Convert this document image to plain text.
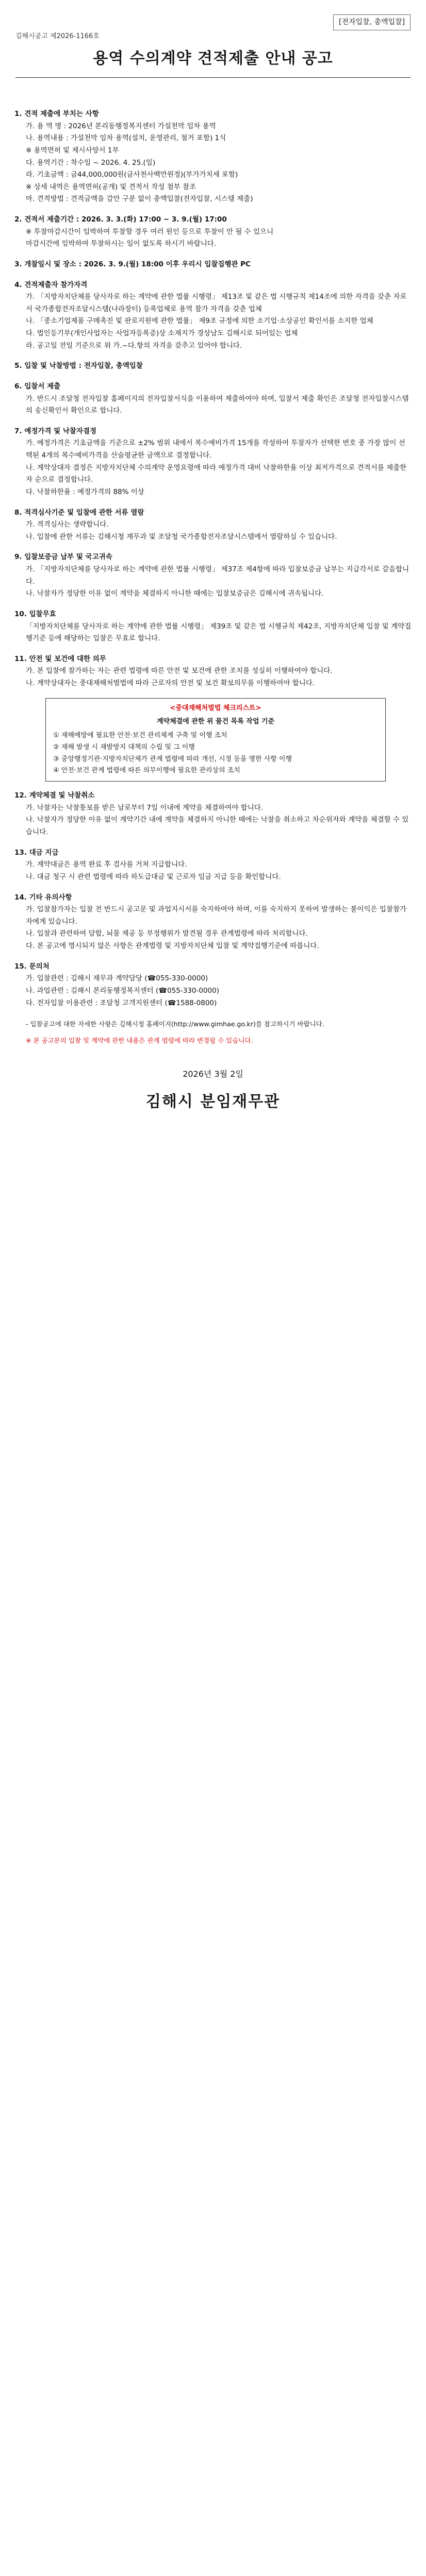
[전자입찰, 총액입찰]
김해시공고 제2026-1166호
용역 수의계약 견적제출 안내 공고
1. 견적 제출에 부치는 사항
가. 용 역 명 : 2026년 본리동행정복지센터 가설천막 임차 용역
나. 용역내용 : 가설천막 임차 용역(설치, 운영관리, 철거 포함) 1식
※ 용역면허 및 제시사양서 1부
다. 용역기간 : 착수일 ~ 2026. 4. 25.(일)
라. 기초금액 : 금44,000,000원(금사천사백만원정)(부가가치세 포함)
※ 상세 내역은 용역면허(공개) 및 견적서 작성 첨부 참조
마. 견적방법 : 견적금액을 감안 구분 없이 총액입찰(전자입찰, 시스템 제출)
2. 견적서 제출기간 : 2026. 3. 3.(화) 17:00 ~ 3. 9.(월) 17:00
※ 투찰마감시간이 임박하여 투찰할 경우 여러 원인 등으로 투찰이 안 될 수 있으니
마감시간에 임박하여 투찰하시는 일이 없도록 하시기 바랍니다.
3. 개찰일시 및 장소 : 2026. 3. 9.(월) 18:00 이후 우리시 입찰집행관 PC
4. 견적제출자 참가자격
가. 「지방자치단체를 당사자로 하는 계약에 관한 법률 시행령」 제13조 및 같은 법 시행규칙 제14조에 의한 자격을 갖춘 자로서 국가종합전자조달시스템(나라장터) 등록업체로 용역 참가 자격을 갖춘 업체
나. 「중소기업제품 구매촉진 및 판로지원에 관한 법률」 제9조 규정에 의한 소기업·소상공인 확인서를 소지한 업체
다. 법인등기부(개인사업자는 사업자등록증)상 소재지가 경상남도 김해시로 되어있는 업체
라. 공고일 전일 기준으로 위 가.~다.항의 자격을 갖추고 있어야 합니다.
5. 입찰 및 낙찰방법 : 전자입찰, 총액입찰
6. 입찰서 제출
가. 반드시 조달청 전자입찰 홈페이지의 전자입찰서식을 이용하여 제출하여야 하며, 입찰서 제출 확인은 조달청 전자입찰시스템의 송신확인서 확인으로 합니다.
7. 예정가격 및 낙찰자결정
가. 예정가격은 기초금액을 기준으로 ±2% 범위 내에서 복수예비가격 15개를 작성하여 투찰자가 선택한 번호 중 가장 많이 선택된 4개의 복수예비가격을 산술평균한 금액으로 결정합니다.
나. 계약상대자 결정은 지방자치단체 수의계약 운영요령에 따라 예정가격 대비 낙찰하한율 이상 최저가격으로 견적서를 제출한 자 순으로 결정합니다.
다. 낙찰하한율 : 예정가격의 88% 이상
8. 적격심사기준 및 입찰에 관한 서류 열람
가. 적격심사는 생략합니다.
나. 입찰에 관한 서류는 김해시청 재무과 및 조달청 국가종합전자조달시스템에서 열람하실 수 있습니다.
9. 입찰보증금 납부 및 국고귀속
가. 「지방자치단체를 당사자로 하는 계약에 관한 법률 시행령」 제37조 제4항에 따라 입찰보증금 납부는 지급각서로 갈음합니다.
나. 낙찰자가 정당한 이유 없이 계약을 체결하지 아니한 때에는 입찰보증금은 김해시에 귀속됩니다.
10. 입찰무효
「지방자치단체를 당사자로 하는 계약에 관한 법률 시행령」 제39조 및 같은 법 시행규칙 제42조, 지방자치단체 입찰 및 계약집행기준 등에 해당하는 입찰은 무효로 합니다.
11. 안전 및 보건에 대한 의무
가. 본 입찰에 참가하는 자는 관련 법령에 따른 안전 및 보건에 관한 조치를 성실히 이행하여야 합니다.
나. 계약상대자는 중대재해처벌법에 따라 근로자의 안전 및 보건 확보의무를 이행하여야 합니다.
<중대재해처벌법 체크리스트>
계약체결에 관한 위 물건 목록 작업 기준
① 재해예방에 필요한 안전·보건 관리체계 구축 및 이행 조치
② 재해 발생 시 재발방지 대책의 수립 및 그 이행
③ 중앙행정기관·지방자치단체가 관계 법령에 따라 개선, 시정 등을 명한 사항 이행
④ 안전·보건 관계 법령에 따른 의무이행에 필요한 관리상의 조치
12. 계약체결 및 낙찰취소
가. 낙찰자는 낙찰통보를 받은 날로부터 7일 이내에 계약을 체결하여야 합니다.
나. 낙찰자가 정당한 이유 없이 계약기간 내에 계약을 체결하지 아니한 때에는 낙찰을 취소하고 차순위자와 계약을 체결할 수 있습니다.
13. 대금 지급
가. 계약대금은 용역 완료 후 검사를 거쳐 지급합니다.
나. 대금 청구 시 관련 법령에 따라 하도급대금 및 근로자 임금 지급 등을 확인합니다.
14. 기타 유의사항
가. 입찰참가자는 입찰 전 반드시 공고문 및 과업지시서를 숙지하여야 하며, 이를 숙지하지 못하여 발생하는 불이익은 입찰참가자에게 있습니다.
나. 입찰과 관련하여 담합, 뇌물 제공 등 부정행위가 발견될 경우 관계법령에 따라 처리합니다.
다. 본 공고에 명시되지 않은 사항은 관계법령 및 지방자치단체 입찰 및 계약집행기준에 따릅니다.
15. 문의처
가. 입찰관련 : 김해시 재무과 계약담당 (☎055-330-0000)
나. 과업관련 : 김해시 본리동행정복지센터 (☎055-330-0000)
다. 전자입찰 이용관련 : 조달청 고객지원센터 (☎1588-0800)
- 입찰공고에 대한 자세한 사항은 김해시청 홈페이지(http://www.gimhae.go.kr)를 참고하시기 바랍니다.
※ 본 공고문의 입찰 및 계약에 관한 내용은 관계 법령에 따라 변경될 수 있습니다.
2026년 3월 2일
김해시 분임재무관
